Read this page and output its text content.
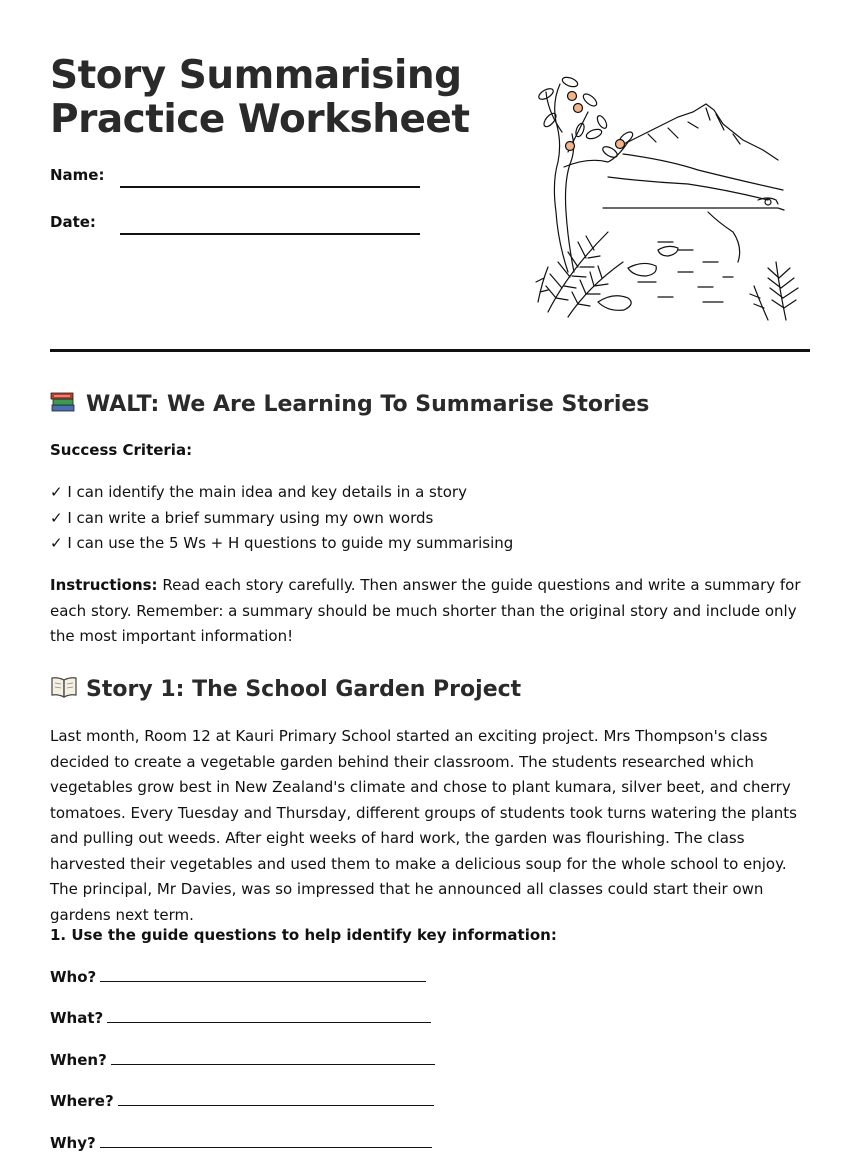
Story Summarising
Practice Worksheet
Name:
Date:
WALT: We Are Learning To Summarise Stories
Success Criteria:
✓ I can identify the main idea and key details in a story
✓ I can write a brief summary using my own words
✓ I can use the 5 Ws + H questions to guide my summarising

Instructions: Read each story carefully. Then answer the guide questions and write a summary for each story. Remember: a summary should be much shorter than the original story and include only the most important information!

Story 1: The School Garden Project

Last month, Room 12 at Kauri Primary School started an exciting project. Mrs Thompson's class decided to create a vegetable garden behind their classroom. The students researched which vegetables grow best in New Zealand's climate and chose to plant kumara, silver beet, and cherry tomatoes. Every Tuesday and Thursday, different groups of students took turns watering the plants and pulling out weeds. After eight weeks of hard work, the garden was flourishing. The class harvested their vegetables and used them to make a delicious soup for the whole school to enjoy. The principal, Mr Davies, was so impressed that he announced all classes could start their own gardens next term.

1. Use the guide questions to help identify key information:
Who?
What?
When?
Where?
Why?
